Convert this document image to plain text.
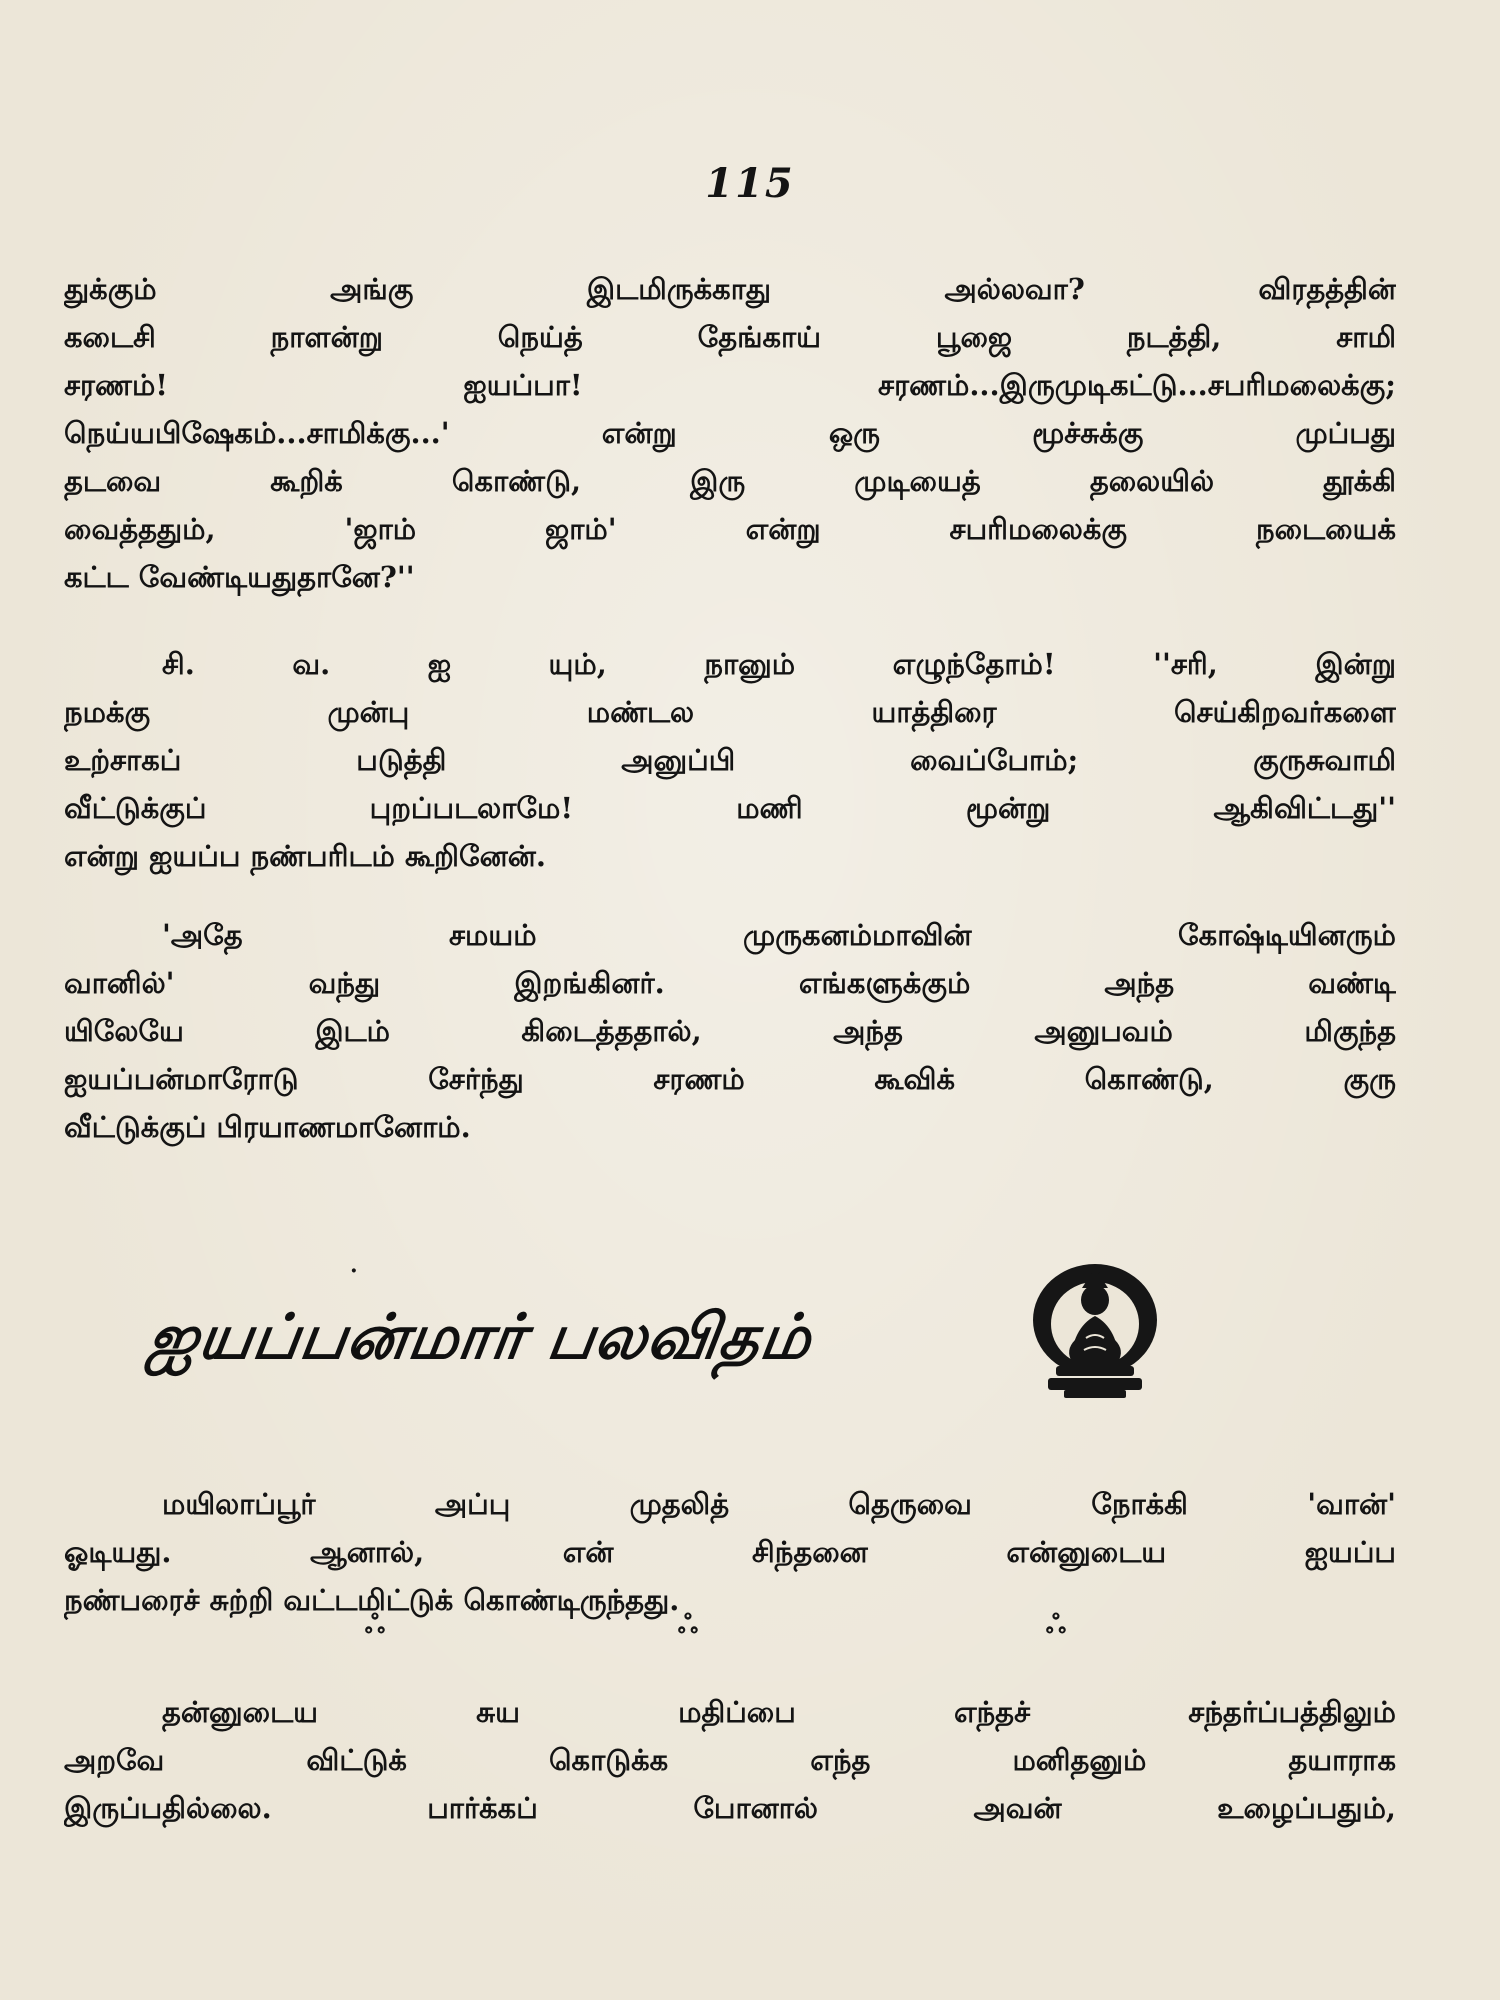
115
துக்கும் அங்கு இடமிருக்காது அல்லவா? விரதத்தின்
கடைசி நாளன்று நெய்த் தேங்காய் பூஜை நடத்தி, சாமி
சரணம்! ஐயப்பா! சரணம்...இருமுடிகட்டு...சபரிமலைக்கு;
நெய்யபிஷேகம்...சாமிக்கு...' என்று ஒரு மூச்சுக்கு முப்பது
தடவை கூறிக் கொண்டு, இரு முடியைத் தலையில் தூக்கி
வைத்ததும், 'ஜாம் ஜாம்' என்று சபரிமலைக்கு நடையைக்
கட்ட வேண்டியதுதானே?''
சி. வ. ஐ யும், நானும் எழுந்தோம்! ''சரி, இன்று
நமக்கு முன்பு மண்டல யாத்திரை செய்கிறவர்களை
உற்சாகப் படுத்தி அனுப்பி வைப்போம்; குருசுவாமி
வீட்டுக்குப் புறப்படலாமே! மணி மூன்று ஆகிவிட்டது''
என்று ஐயப்ப நண்பரிடம் கூறினேன்.
'அதே சமயம் முருகனம்மாவின் கோஷ்டியினரும்
வானில்' வந்து இறங்கினர். எங்களுக்கும் அந்த வண்டி
யிலேயே இடம் கிடைத்ததால், அந்த அனுபவம் மிகுந்த
ஐயப்பன்மாரோடு சேர்ந்து சரணம் கூவிக் கொண்டு, குரு
வீட்டுக்குப் பிரயாணமானோம்.
·
ஐயப்பன்மார் பலவிதம்
மயிலாப்பூர் அப்பு முதலித் தெருவை நோக்கி 'வான்'
ஓடியது. ஆனால், என் சிந்தனை என்னுடைய ஐயப்ப
நண்பரைச் சுற்றி வட்டமிட்டுக் கொண்டிருந்தது.
ஃ	ஃ	ஃ
தன்னுடைய சுய மதிப்பை எந்தச் சந்தர்ப்பத்திலும்
அறவே விட்டுக் கொடுக்க எந்த மனிதனும் தயாராக
இருப்பதில்லை. பார்க்கப் போனால் அவன் உழைப்பதும்,
